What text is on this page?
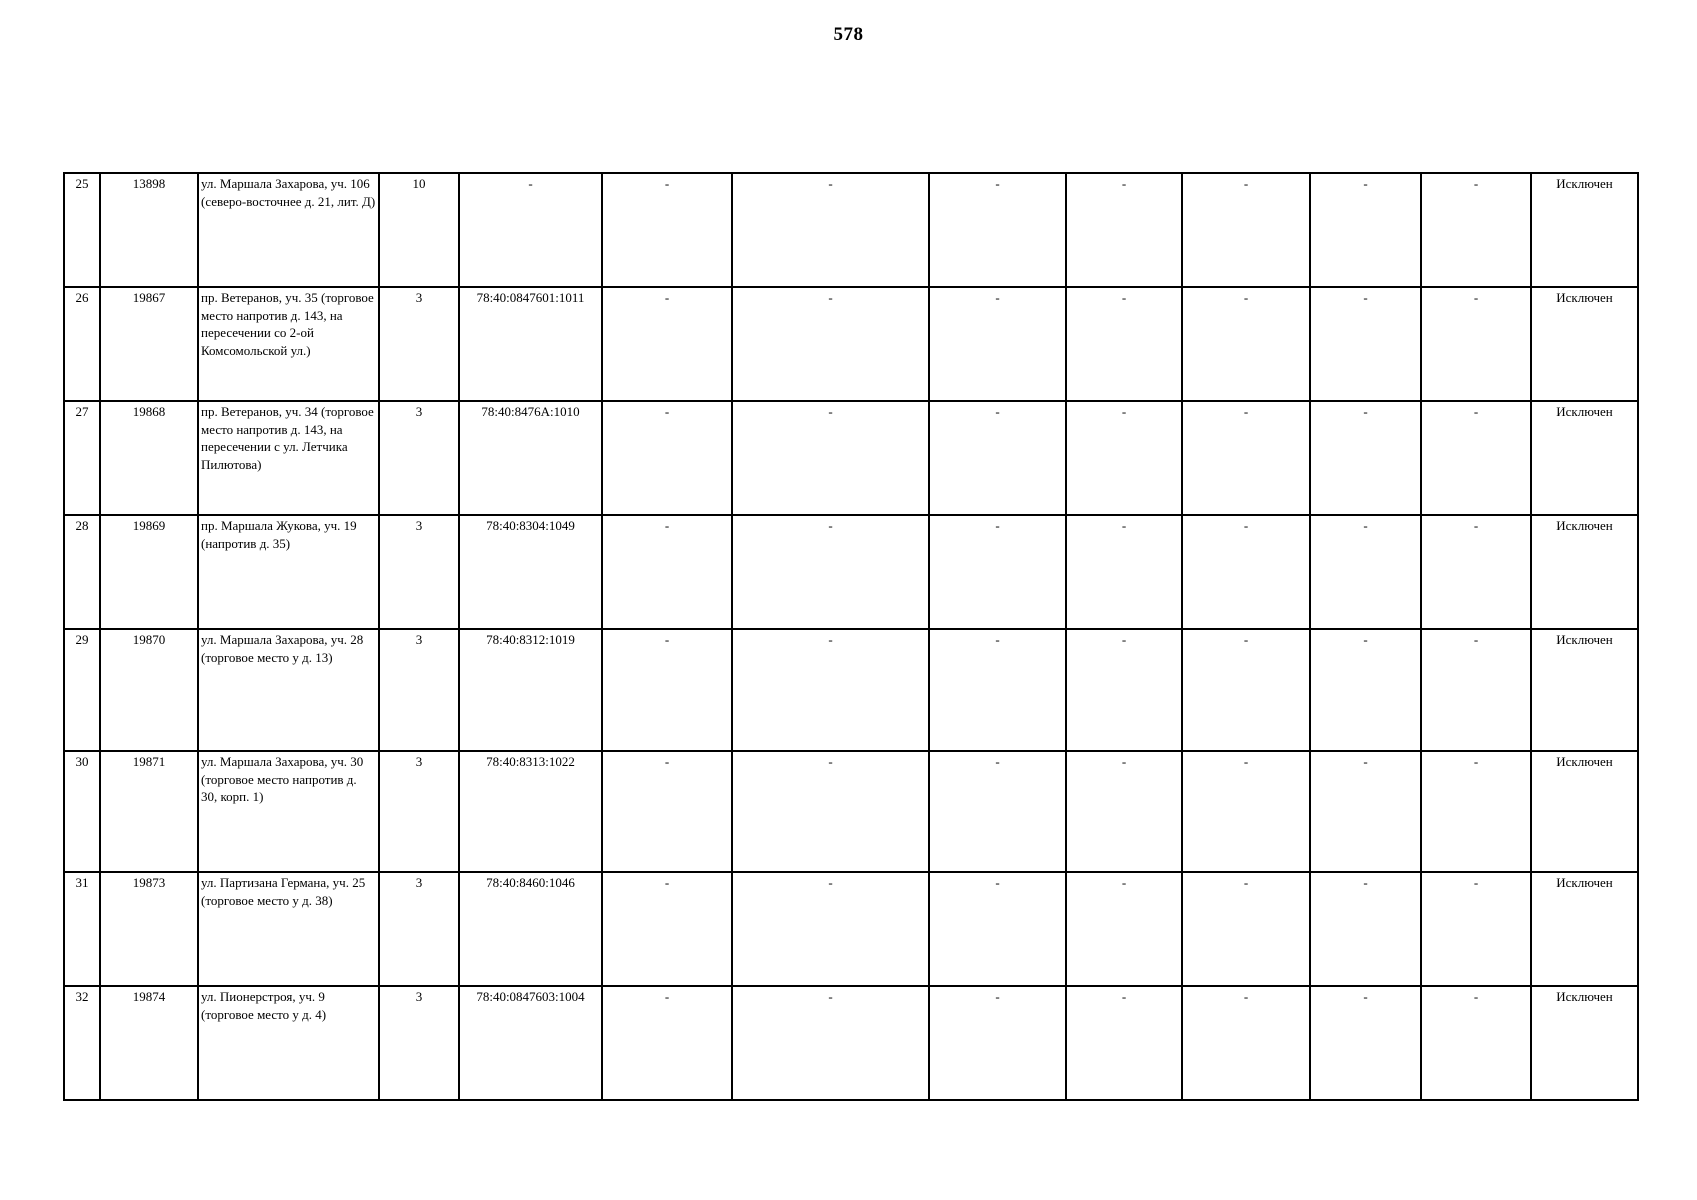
578
25	13898	ул. Маршала Захарова, уч. 106 (северо-восточнее д. 21, лит. Д)	10	-	-	-	-	-	-	-	-	Исключен
26	19867	пр. Ветеранов, уч. 35 (торговое место напротив д. 143, на пересечении со 2-ой Комсомольской ул.)	3	78:40:0847601:1011	-	-	-	-	-	-	-	Исключен
27	19868	пр. Ветеранов, уч. 34 (торговое место напротив д. 143, на пересечении с ул. Летчика Пилютова)	3	78:40:8476А:1010	-	-	-	-	-	-	-	Исключен
28	19869	пр. Маршала Жукова, уч. 19 (напротив д. 35)	3	78:40:8304:1049	-	-	-	-	-	-	-	Исключен
29	19870	ул. Маршала Захарова, уч. 28 (торговое место у д. 13)	3	78:40:8312:1019	-	-	-	-	-	-	-	Исключен
30	19871	ул. Маршала Захарова, уч. 30 (торговое место напротив д. 30, корп. 1)	3	78:40:8313:1022	-	-	-	-	-	-	-	Исключен
31	19873	ул. Партизана Германа, уч. 25 (торговое место у д. 38)	3	78:40:8460:1046	-	-	-	-	-	-	-	Исключен
32	19874	ул. Пионерстроя, уч. 9 (торговое место у д. 4)	3	78:40:0847603:1004	-	-	-	-	-	-	-	Исключен
